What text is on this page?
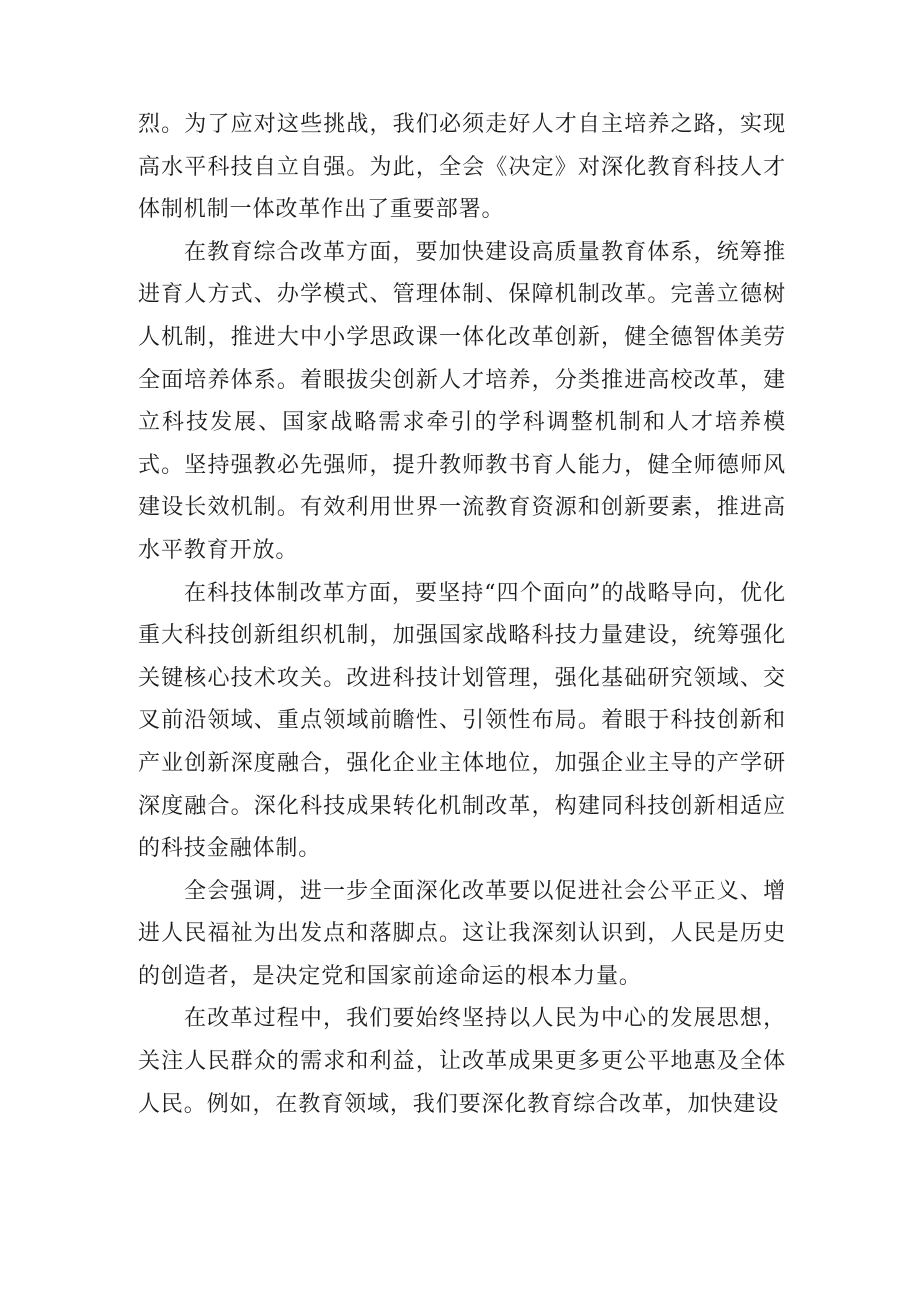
烈。为了应对这些挑战，我们必须走好人才自主培养之路，实现高水平科技自立自强。为此，全会《决定》对深化教育科技人才体制机制一体改革作出了重要部署。

在教育综合改革方面，要加快建设高质量教育体系，统筹推进育人方式、办学模式、管理体制、保障机制改革。完善立德树人机制，推进大中小学思政课一体化改革创新，健全德智体美劳全面培养体系。着眼拔尖创新人才培养，分类推进高校改革，建立科技发展、国家战略需求牵引的学科调整机制和人才培养模式。坚持强教必先强师，提升教师教书育人能力，健全师德师风建设长效机制。有效利用世界一流教育资源和创新要素，推进高水平教育开放。

在科技体制改革方面，要坚持“四个面向”的战略导向，优化重大科技创新组织机制，加强国家战略科技力量建设，统筹强化关键核心技术攻关。改进科技计划管理，强化基础研究领域、交叉前沿领域、重点领域前瞻性、引领性布局。着眼于科技创新和产业创新深度融合，强化企业主体地位，加强企业主导的产学研深度融合。深化科技成果转化机制改革，构建同科技创新相适应的科技金融体制。

全会强调，进一步全面深化改革要以促进社会公平正义、增进人民福祉为出发点和落脚点。这让我深刻认识到，人民是历史的创造者，是决定党和国家前途命运的根本力量。

在改革过程中，我们要始终坚持以人民为中心的发展思想，关注人民群众的需求和利益，让改革成果更多更公平地惠及全体人民。例如，在教育领域，我们要深化教育综合改革，加快建设
